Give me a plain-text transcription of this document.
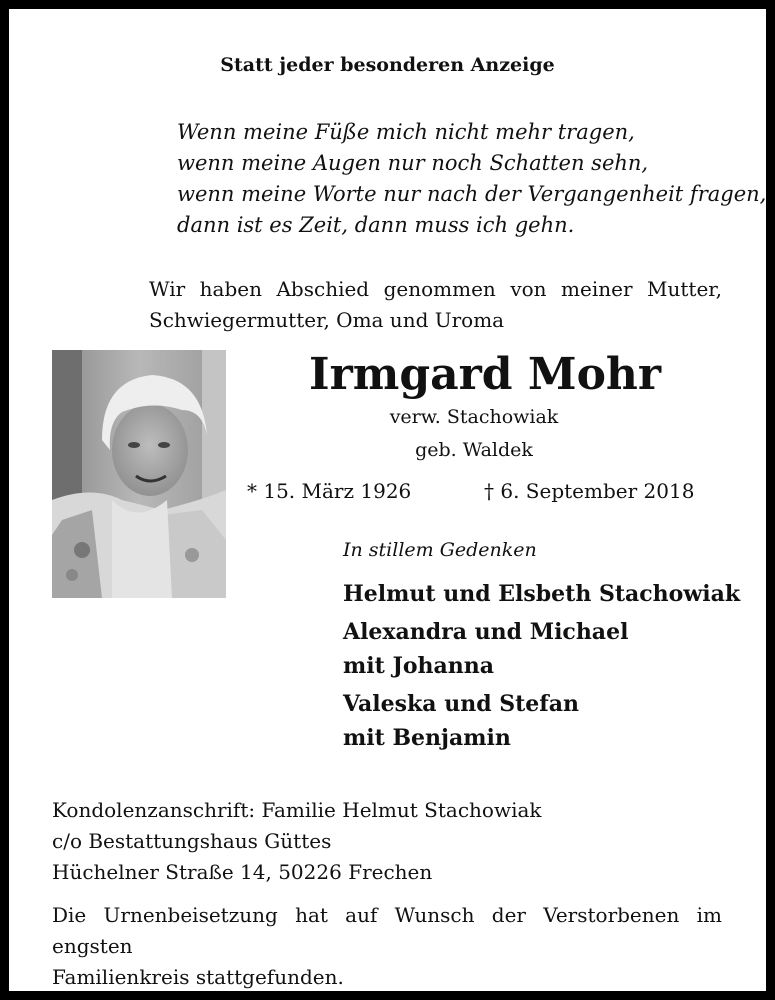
Statt jeder besonderen Anzeige
Wenn meine Füße mich nicht mehr tragen,
wenn meine Augen nur noch Schatten sehn,
wenn meine Worte nur nach der Vergangenheit fragen,
dann ist es Zeit, dann muss ich gehn.
Wir haben Abschied genommen von meiner Mutter,
Schwiegermutter, Oma und Uroma
Irmgard Mohr
verw. Stachowiak
geb. Waldek
* 15. März 1926	† 6. September 2018
In stillem Gedenken
Helmut und Elsbeth Stachowiak
Alexandra und Michael
mit Johanna
Valeska und Stefan
mit Benjamin
Kondolenzanschrift: Familie Helmut Stachowiak
c/o Bestattungshaus Güttes
Hüchelner Straße 14, 50226 Frechen
Die Urnenbeisetzung hat auf Wunsch der Verstorbenen im engsten
Familienkreis stattgefunden.
